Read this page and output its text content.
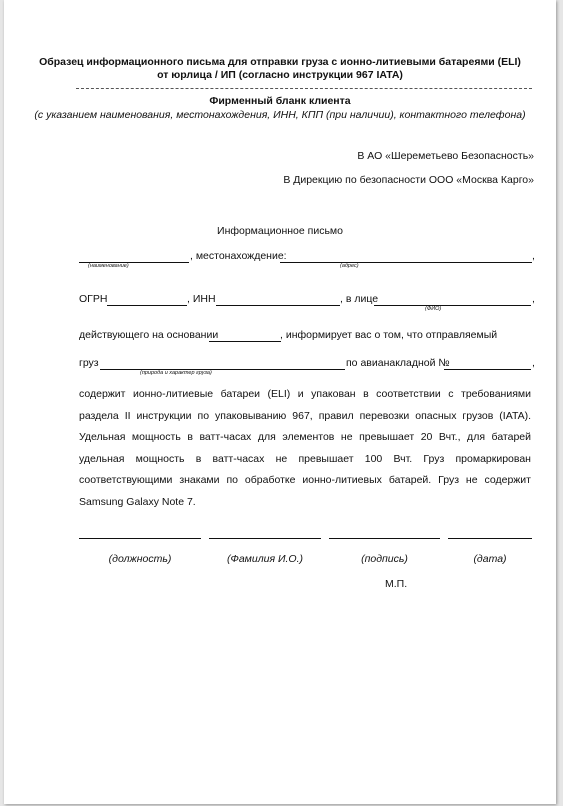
Образец информационного письма для отправки груза с ионно-литиевыми батареями (ELI)
от юрлица / ИП (согласно инструкции 967 IATA)
Фирменный бланк клиента
(с указанием наименования, местонахождения, ИНН, КПП (при наличии), контактного телефона)
В АО «Шереметьево Безопасность»
В Дирекцию по безопасности ООО «Москва Карго»
Информационное письмо
(наименование)
, местонахождение:
(адрес)
,
ОГРН	, ИНН	, в лице
(ФИО)
,
действующего на основании	, информирует вас о том, что отправляемый
груз
(природа и характер груза)
по авианакладной №	,
содержит ионно-литиевые батареи (ELI) и упакован в соответствии с требованиями раздела II инструкции по упаковыванию 967, правил перевозки опасных грузов (IATA). Удельная мощность в ватт-часах для элементов не превышает 20 Вчт., для батарей удельная мощность в ватт-часах не превышает 100 Вчт. Груз промаркирован соответствующими знаками по обработке ионно-литиевых батарей. Груз не содержит Samsung Galaxy Note 7.
(должность)	(Фамилия И.О.)	(подпись)	(дата)
М.П.
